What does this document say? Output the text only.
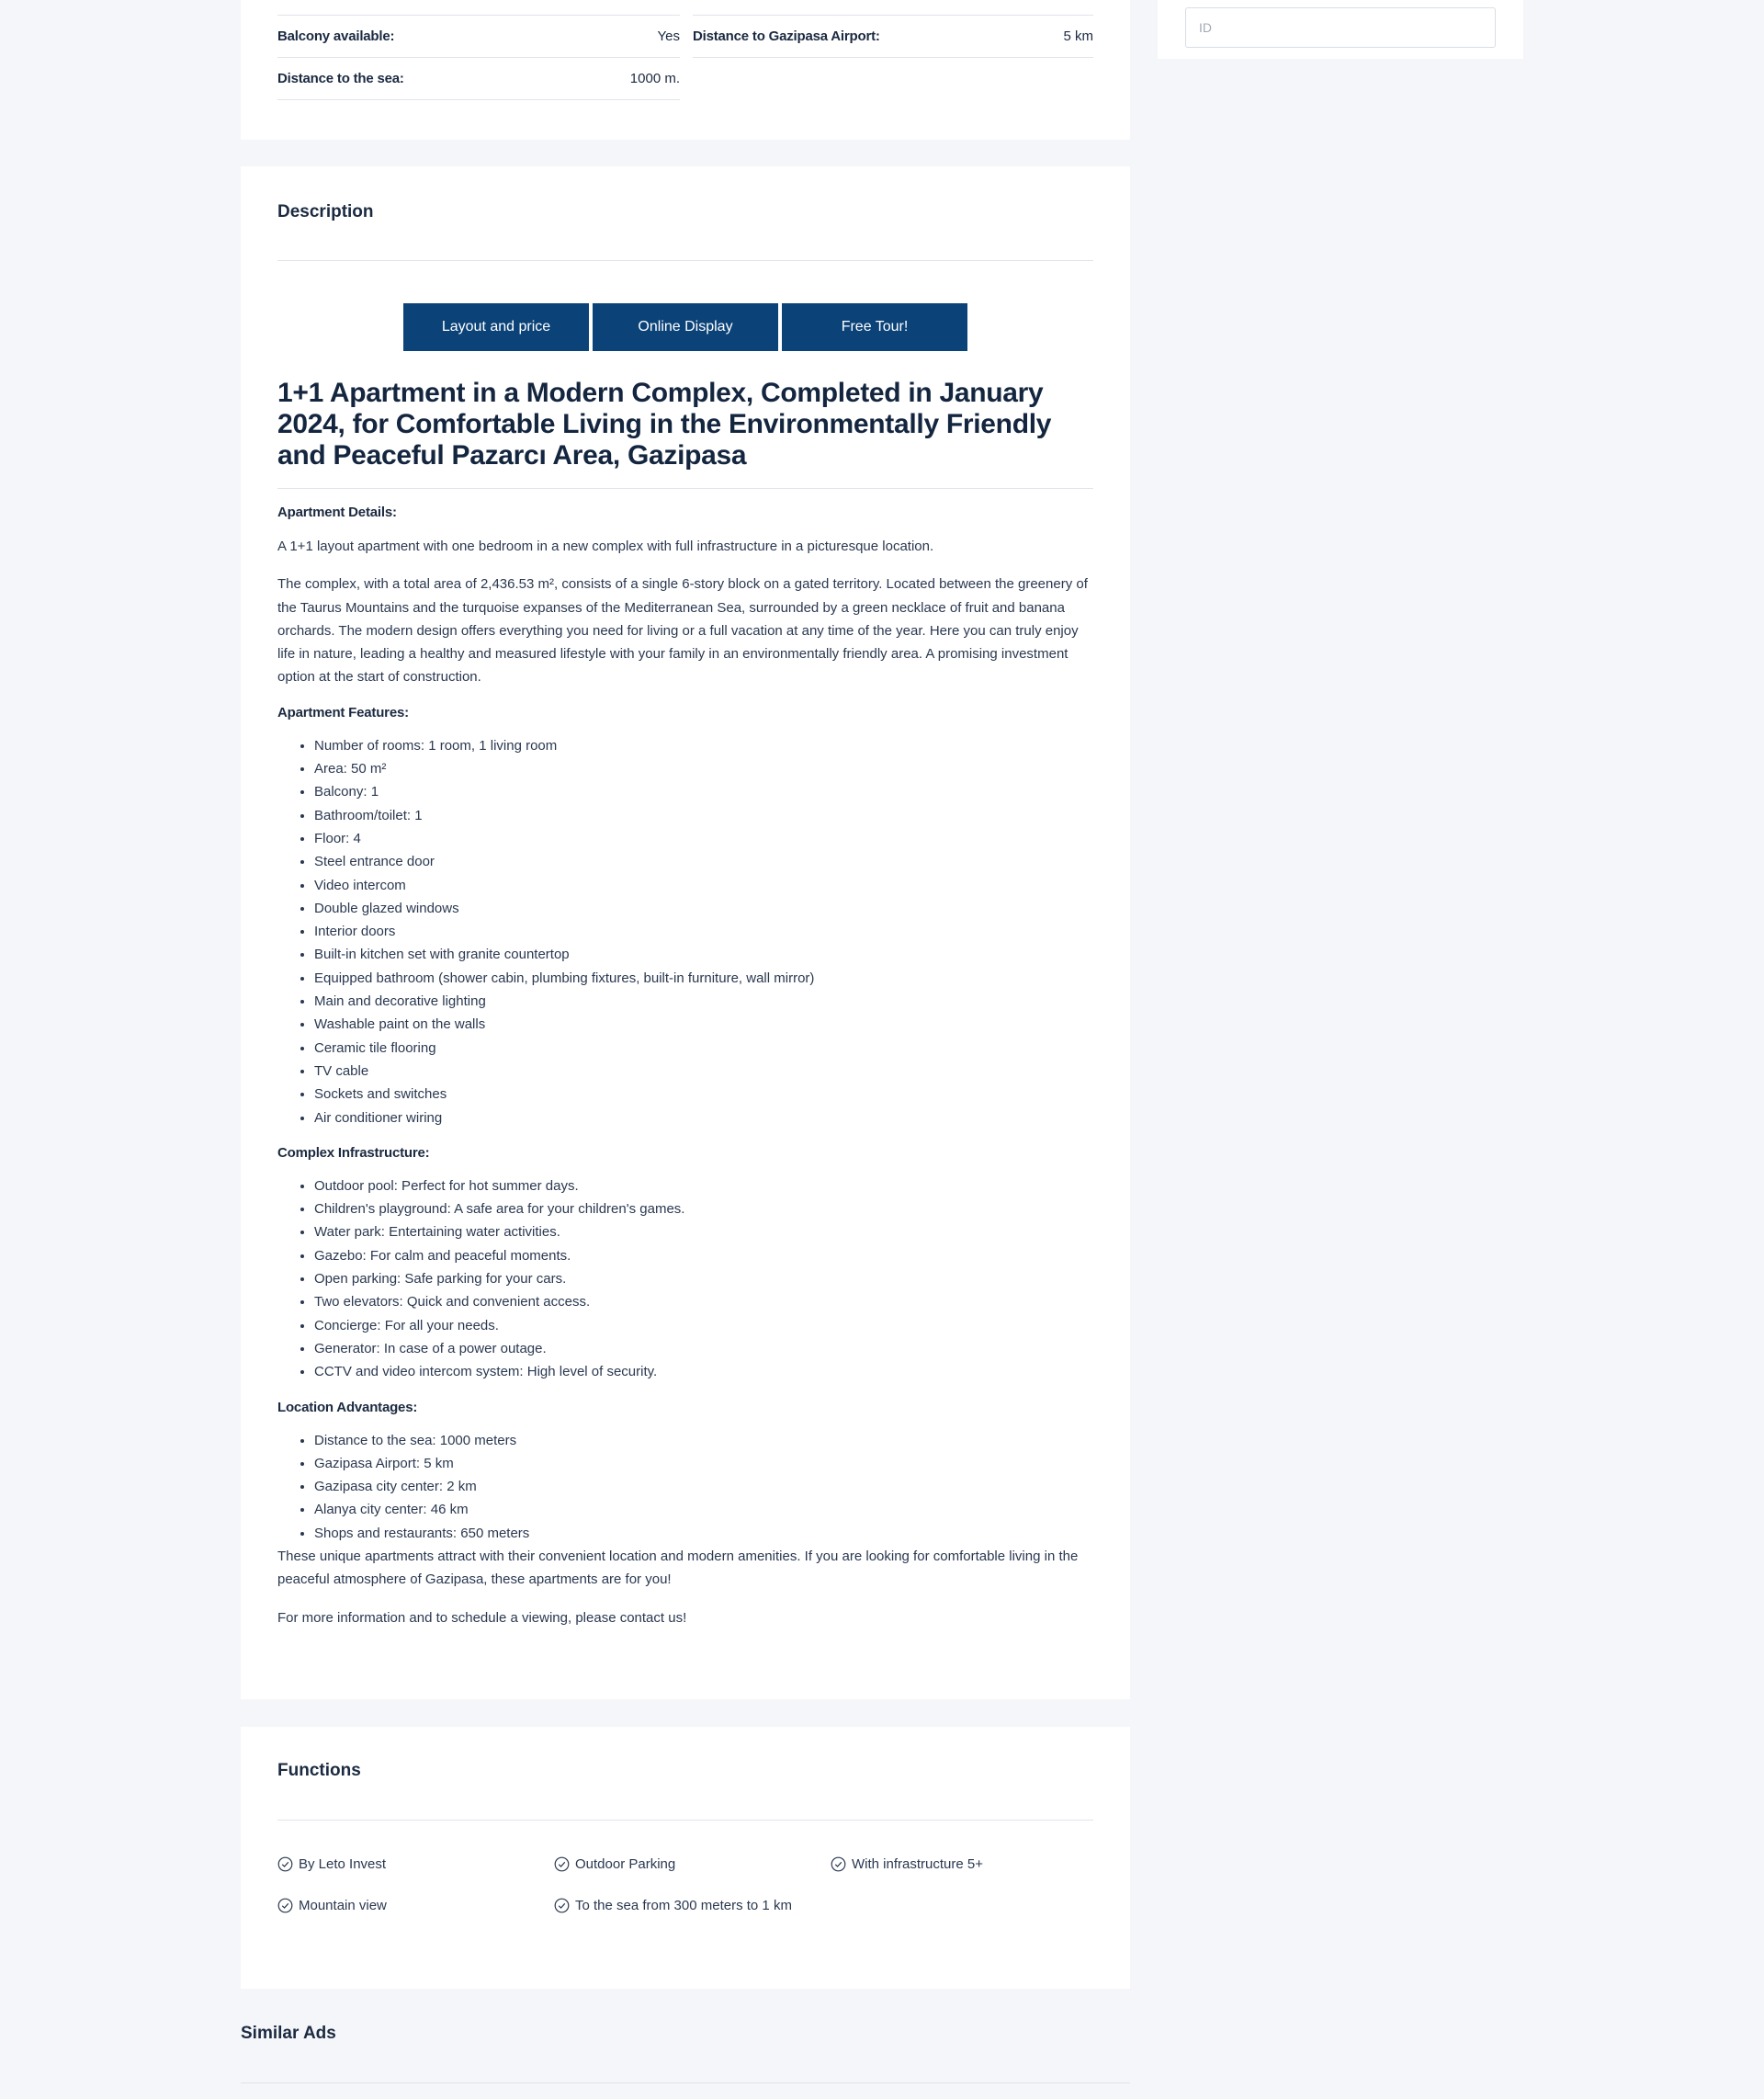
Balcony available:	Yes Distance to Gazipasa Airport:	5 km
Distance to the sea:	1000 m.
ID
Description
Layout and price	Online Display	Free Tour!
1+1 Apartment in a Modern Complex, Completed in January 2024, for Comfortable Living in the Environmentally Friendly and Peaceful Pazarcı Area, Gazipasa
Apartment Details:

A 1+1 layout apartment with one bedroom in a new complex with full infrastructure in a picturesque location.

The complex, with a total area of 2,436.53 m², consists of a single 6-story block on a gated territory. Located between the greenery of the Taurus Mountains and the turquoise expanses of the Mediterranean Sea, surrounded by a green necklace of fruit and banana orchards. The modern design offers everything you need for living or a full vacation at any time of the year. Here you can truly enjoy life in nature, leading a healthy and measured lifestyle with your family in an environmentally friendly area. A promising investment option at the start of construction.

Apartment Features:
• Number of rooms: 1 room, 1 living room
• Area: 50 m²
• Balcony: 1
• Bathroom/toilet: 1
• Floor: 4
• Steel entrance door
• Video intercom
• Double glazed windows
• Interior doors
• Built-in kitchen set with granite countertop
• Equipped bathroom (shower cabin, plumbing fixtures, built-in furniture, wall mirror)
• Main and decorative lighting
• Washable paint on the walls
• Ceramic tile flooring
• TV cable
• Sockets and switches
• Air conditioner wiring
Complex Infrastructure:
• Outdoor pool: Perfect for hot summer days.
• Children's playground: A safe area for your children's games.
• Water park: Entertaining water activities.
• Gazebo: For calm and peaceful moments.
• Open parking: Safe parking for your cars.
• Two elevators: Quick and convenient access.
• Concierge: For all your needs.
• Generator: In case of a power outage.
• CCTV and video intercom system: High level of security.
Location Advantages:
• Distance to the sea: 1000 meters
• Gazipasa Airport: 5 km
• Gazipasa city center: 2 km
• Alanya city center: 46 km
• Shops and restaurants: 650 meters

These unique apartments attract with their convenient location and modern amenities. If you are looking for comfortable living in the peaceful atmosphere of Gazipasa, these apartments are for you!

For more information and to schedule a viewing, please contact us!

Functions
By Leto Invest	Outdoor Parking	With infrastructure 5+
Mountain view	To the sea from 300 meters to 1 km
Similar Ads
